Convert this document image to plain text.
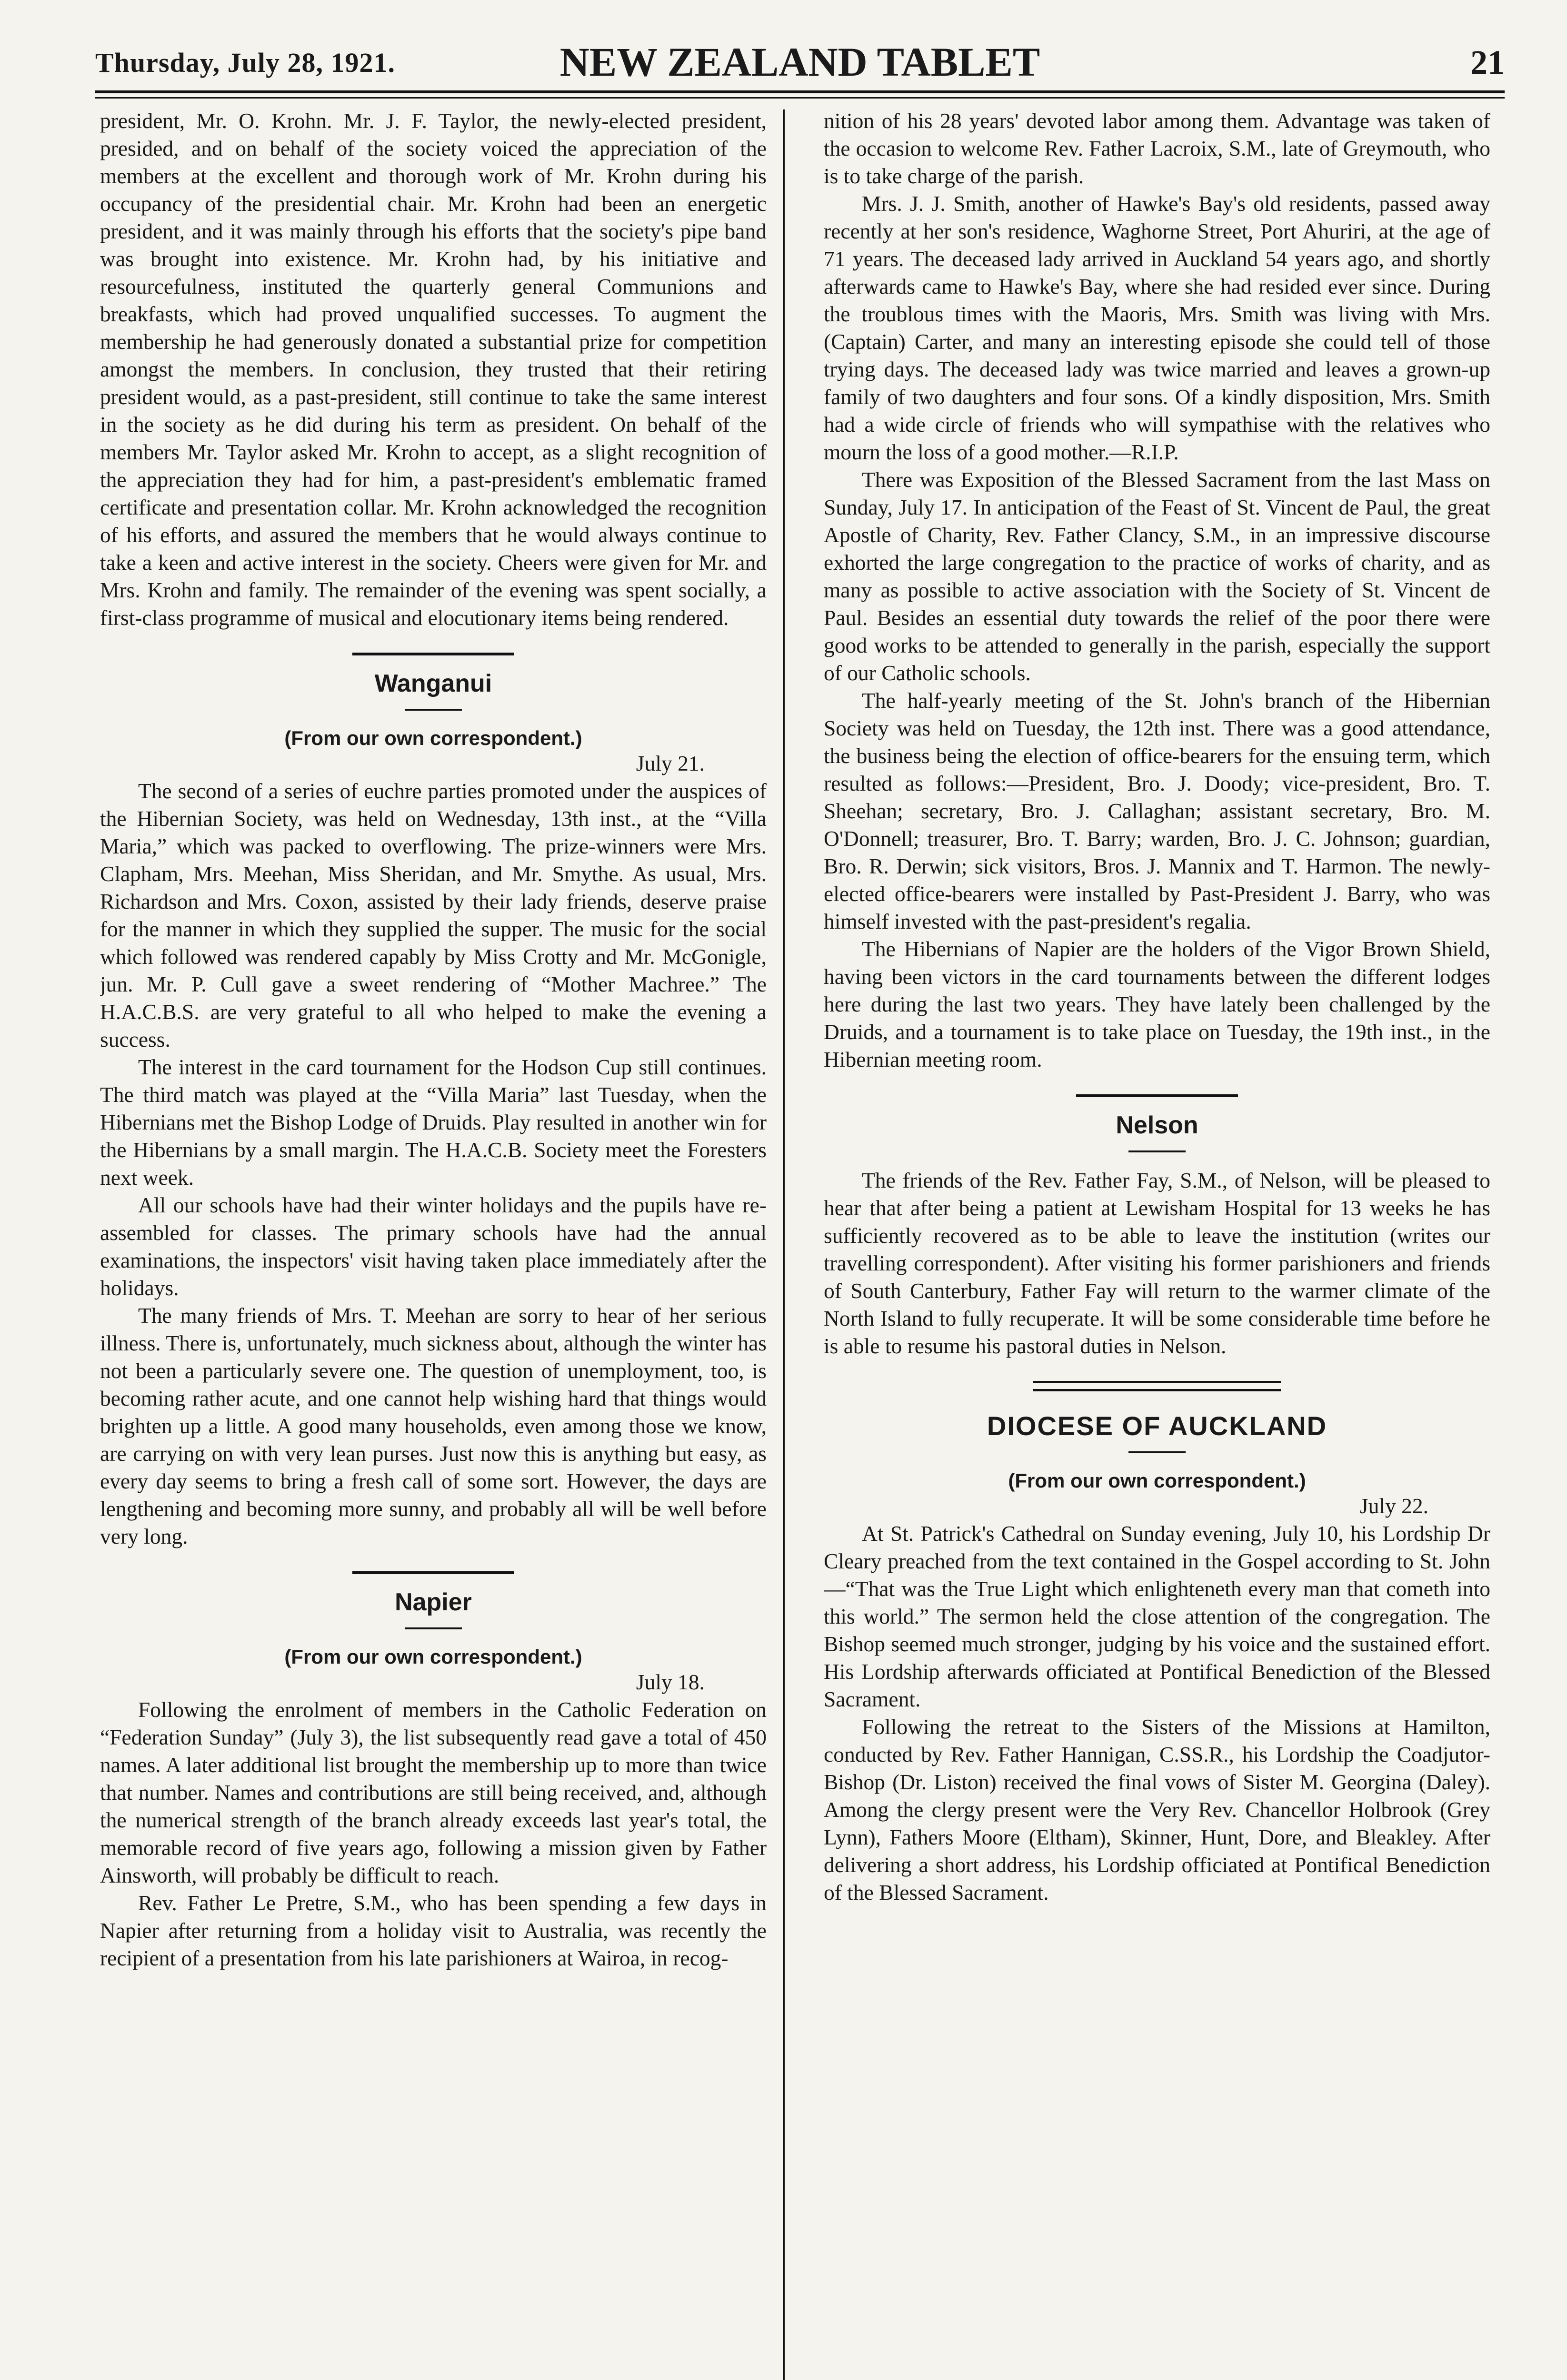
Thursday, July 28, 1921.	NEW ZEALAND TABLET	21

president, Mr. O. Krohn. Mr. J. F. Taylor, the newly-elected president, presided, and on behalf of the society voiced the appreciation of the members at the excellent and thorough work of Mr. Krohn during his occupancy of the presidential chair. Mr. Krohn had been an energetic president, and it was mainly through his efforts that the society's pipe band was brought into existence. Mr. Krohn had, by his initiative and resourcefulness, instituted the quarterly general Communions and breakfasts, which had proved unqualified successes. To augment the membership he had generously donated a substantial prize for competition amongst the members. In conclusion, they trusted that their retiring president would, as a past-president, still continue to take the same interest in the society as he did during his term as president. On behalf of the members Mr. Taylor asked Mr. Krohn to accept, as a slight recognition of the appreciation they had for him, a past-president's emblematic framed certificate and presentation collar. Mr. Krohn acknowledged the recognition of his efforts, and assured the members that he would always continue to take a keen and active interest in the society. Cheers were given for Mr. and Mrs. Krohn and family. The remainder of the evening was spent socially, a first-class programme of musical and elocutionary items being rendered.

Wanganui
(From our own correspondent.)
July 21.

The second of a series of euchre parties promoted under the auspices of the Hibernian Society, was held on Wednesday, 13th inst., at the “Villa Maria,” which was packed to overflowing. The prize-winners were Mrs. Clapham, Mrs. Meehan, Miss Sheridan, and Mr. Smythe. As usual, Mrs. Richardson and Mrs. Coxon, assisted by their lady friends, deserve praise for the manner in which they supplied the supper. The music for the social which followed was rendered capably by Miss Crotty and Mr. McGonigle, jun. Mr. P. Cull gave a sweet rendering of “Mother Machree.” The H.A.C.B.S. are very grateful to all who helped to make the evening a success.

The interest in the card tournament for the Hodson Cup still continues. The third match was played at the “Villa Maria” last Tuesday, when the Hibernians met the Bishop Lodge of Druids. Play resulted in another win for the Hibernians by a small margin. The H.A.C.B. Society meet the Foresters next week.

All our schools have had their winter holidays and the pupils have re-assembled for classes. The primary schools have had the annual examinations, the inspectors' visit having taken place immediately after the holidays.

The many friends of Mrs. T. Meehan are sorry to hear of her serious illness. There is, unfortunately, much sickness about, although the winter has not been a particularly severe one. The question of unemployment, too, is becoming rather acute, and one cannot help wishing hard that things would brighten up a little. A good many households, even among those we know, are carrying on with very lean purses. Just now this is anything but easy, as every day seems to bring a fresh call of some sort. However, the days are lengthening and becoming more sunny, and probably all will be well before very long.

Napier
(From our own correspondent.)
July 18.

Following the enrolment of members in the Catholic Federation on “Federation Sunday” (July 3), the list subsequently read gave a total of 450 names. A later additional list brought the membership up to more than twice that number. Names and contributions are still being received, and, although the numerical strength of the branch already exceeds last year's total, the memorable record of five years ago, following a mission given by Father Ainsworth, will probably be difficult to reach.

Rev. Father Le Pretre, S.M., who has been spending a few days in Napier after returning from a holiday visit to Australia, was recently the recipient of a presentation from his late parishioners at Wairoa, in recog-

nition of his 28 years' devoted labor among them. Advantage was taken of the occasion to welcome Rev. Father Lacroix, S.M., late of Greymouth, who is to take charge of the parish.

Mrs. J. J. Smith, another of Hawke's Bay's old residents, passed away recently at her son's residence, Waghorne Street, Port Ahuriri, at the age of 71 years. The deceased lady arrived in Auckland 54 years ago, and shortly afterwards came to Hawke's Bay, where she had resided ever since. During the troublous times with the Maoris, Mrs. Smith was living with Mrs. (Captain) Carter, and many an interesting episode she could tell of those trying days. The deceased lady was twice married and leaves a grown-up family of two daughters and four sons. Of a kindly disposition, Mrs. Smith had a wide circle of friends who will sympathise with the relatives who mourn the loss of a good mother.—R.I.P.

There was Exposition of the Blessed Sacrament from the last Mass on Sunday, July 17. In anticipation of the Feast of St. Vincent de Paul, the great Apostle of Charity, Rev. Father Clancy, S.M., in an impressive discourse exhorted the large congregation to the practice of works of charity, and as many as possible to active association with the Society of St. Vincent de Paul. Besides an essential duty towards the relief of the poor there were good works to be attended to generally in the parish, especially the support of our Catholic schools.

The half-yearly meeting of the St. John's branch of the Hibernian Society was held on Tuesday, the 12th inst. There was a good attendance, the business being the election of office-bearers for the ensuing term, which resulted as follows:—President, Bro. J. Doody; vice-president, Bro. T. Sheehan; secretary, Bro. J. Callaghan; assistant secretary, Bro. M. O'Donnell; treasurer, Bro. T. Barry; warden, Bro. J. C. Johnson; guardian, Bro. R. Derwin; sick visitors, Bros. J. Mannix and T. Harmon. The newly-elected office-bearers were installed by Past-President J. Barry, who was himself invested with the past-president's regalia.

The Hibernians of Napier are the holders of the Vigor Brown Shield, having been victors in the card tournaments between the different lodges here during the last two years. They have lately been challenged by the Druids, and a tournament is to take place on Tuesday, the 19th inst., in the Hibernian meeting room.

Nelson

The friends of the Rev. Father Fay, S.M., of Nelson, will be pleased to hear that after being a patient at Lewisham Hospital for 13 weeks he has sufficiently recovered as to be able to leave the institution (writes our travelling correspondent). After visiting his former parishioners and friends of South Canterbury, Father Fay will return to the warmer climate of the North Island to fully recuperate. It will be some considerable time before he is able to resume his pastoral duties in Nelson.

DIOCESE OF AUCKLAND
(From our own correspondent.)
July 22.

At St. Patrick's Cathedral on Sunday evening, July 10, his Lordship Dr Cleary preached from the text contained in the Gospel according to St. John—“That was the True Light which enlighteneth every man that cometh into this world.” The sermon held the close attention of the congregation. The Bishop seemed much stronger, judging by his voice and the sustained effort. His Lordship afterwards officiated at Pontifical Benediction of the Blessed Sacrament.

Following the retreat to the Sisters of the Missions at Hamilton, conducted by Rev. Father Hannigan, C.SS.R., his Lordship the Coadjutor-Bishop (Dr. Liston) received the final vows of Sister M. Georgina (Daley). Among the clergy present were the Very Rev. Chancellor Holbrook (Grey Lynn), Fathers Moore (Eltham), Skinner, Hunt, Dore, and Bleakley. After delivering a short address, his Lordship officiated at Pontifical Benediction of the Blessed Sacrament.
